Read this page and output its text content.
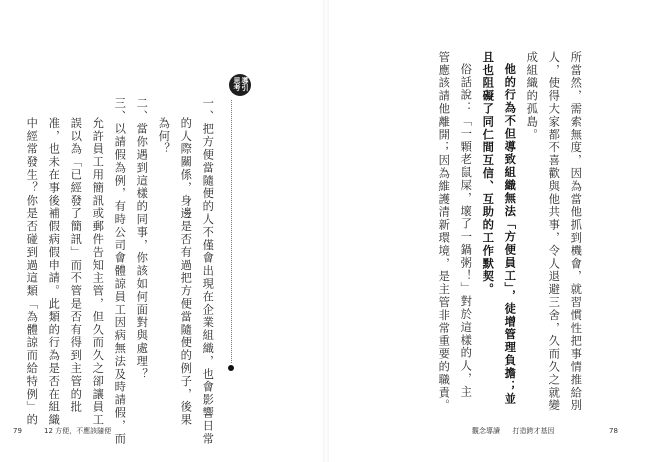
所當然，需索無度，因為當他抓到機會，就習慣性把事情推給別
人，使得大家都不喜歡與他共事，令人退避三舍，久而久之就變
成組織的孤島。
他的行為不但導致組織無法「方便員工」，徒增管理負擔；並
且也阻礙了同仁間互信、互助的工作默契。
俗話說：「一顆老鼠屎，壞了一鍋粥！」對於這樣的人，主
管應該請他離開；因為維護清新環境，是主管非常重要的職責。
觀念導讀 打造跨才基因	78
導引
思考
一、把方便當隨便的人不僅會出現在企業組織，也會影響日常
的人際關係，身邊是否有過把方便當隨便的例子，後果
為何？
二、當你遇到這樣的同事，你該如何面對與處理？
三、以請假為例，有時公司會體諒員工因病無法及時請假，而
允許員工用簡訊或郵件告知主管，但久而久之卻讓員工
誤以為「已經發了簡訊」而不管是否有得到主管的批
准，也未在事後補假病假申請。此類的行為是否在組織
中經常發生？你是否碰到過這類「為體諒而給特例」的
79	12 方便，不應該隨便
